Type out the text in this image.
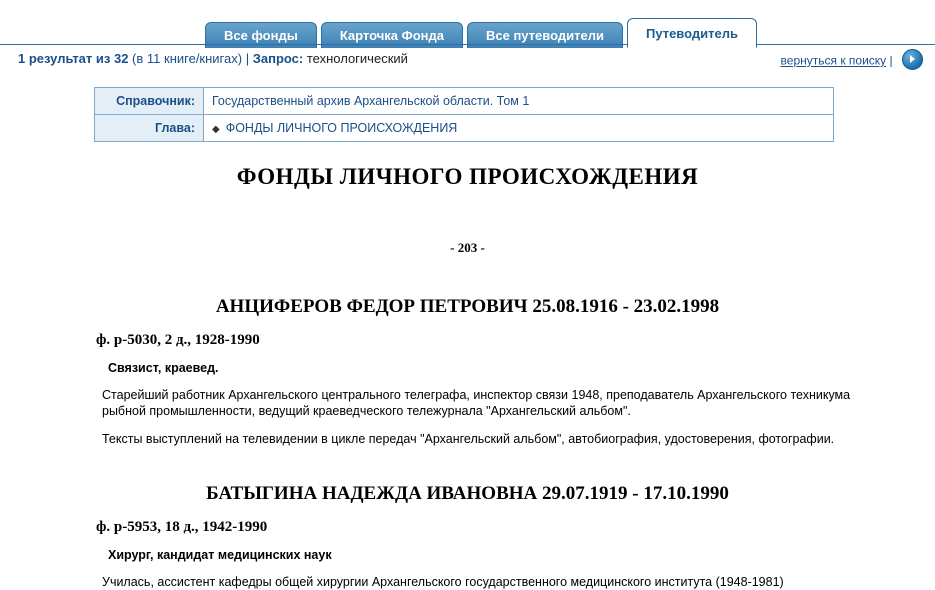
Все фонды	Карточка Фонда	Все путеводители	Путеводитель
1 результат из 32 (в 11 книге/книгах) | Запрос: технологический	вернуться к поиску |
Справочник:	Государственный архив Архангельской области. Том 1
Глава:	◆ ФОНДЫ ЛИЧНОГО ПРОИСХОЖДЕНИЯ
ФОНДЫ ЛИЧНОГО ПРОИСХОЖДЕНИЯ
- 203 -
АНЦИФЕРОВ ФЕДОР ПЕТРОВИЧ 25.08.1916 - 23.02.1998
ф. р-5030, 2 д., 1928-1990
Связист, краевед.
Старейший работник Архангельского центрального телеграфа, инспектор связи 1948, преподаватель Архангельского техникума рыбной промышленности, ведущий краеведческого тележурнала "Архангельский альбом".
Тексты выступлений на телевидении в цикле передач "Архангельский альбом", автобиография, удостоверения, фотографии.
БАТЫГИНА НАДЕЖДА ИВАНОВНА 29.07.1919 - 17.10.1990
ф. р-5953, 18 д., 1942-1990
Хирург, кандидат медицинских наук
Училась, ассистент кафедры общей хирургии Архангельского государственного медицинского института (1948-1981)
